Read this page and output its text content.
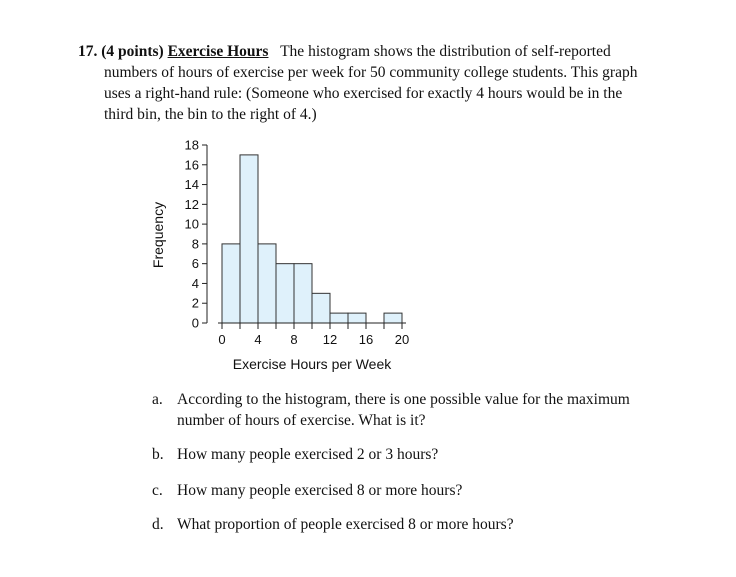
17. (4 points) Exercise Hours The histogram shows the distribution of self-reported
numbers of hours of exercise per week for 50 community college students. This graph
uses a right-hand rule: (Someone who exercised for exactly 4 hours would be in the
third bin, the bin to the right of 4.)
0
2
4
6
8
10
12
14
16
18
0 4 8 12 16 20
Frequency
Exercise Hours per Week
a. According to the histogram, there is one possible value for the maximum
number of hours of exercise. What is it?
b. How many people exercised 2 or 3 hours?
c. How many people exercised 8 or more hours?
d. What proportion of people exercised 8 or more hours?
